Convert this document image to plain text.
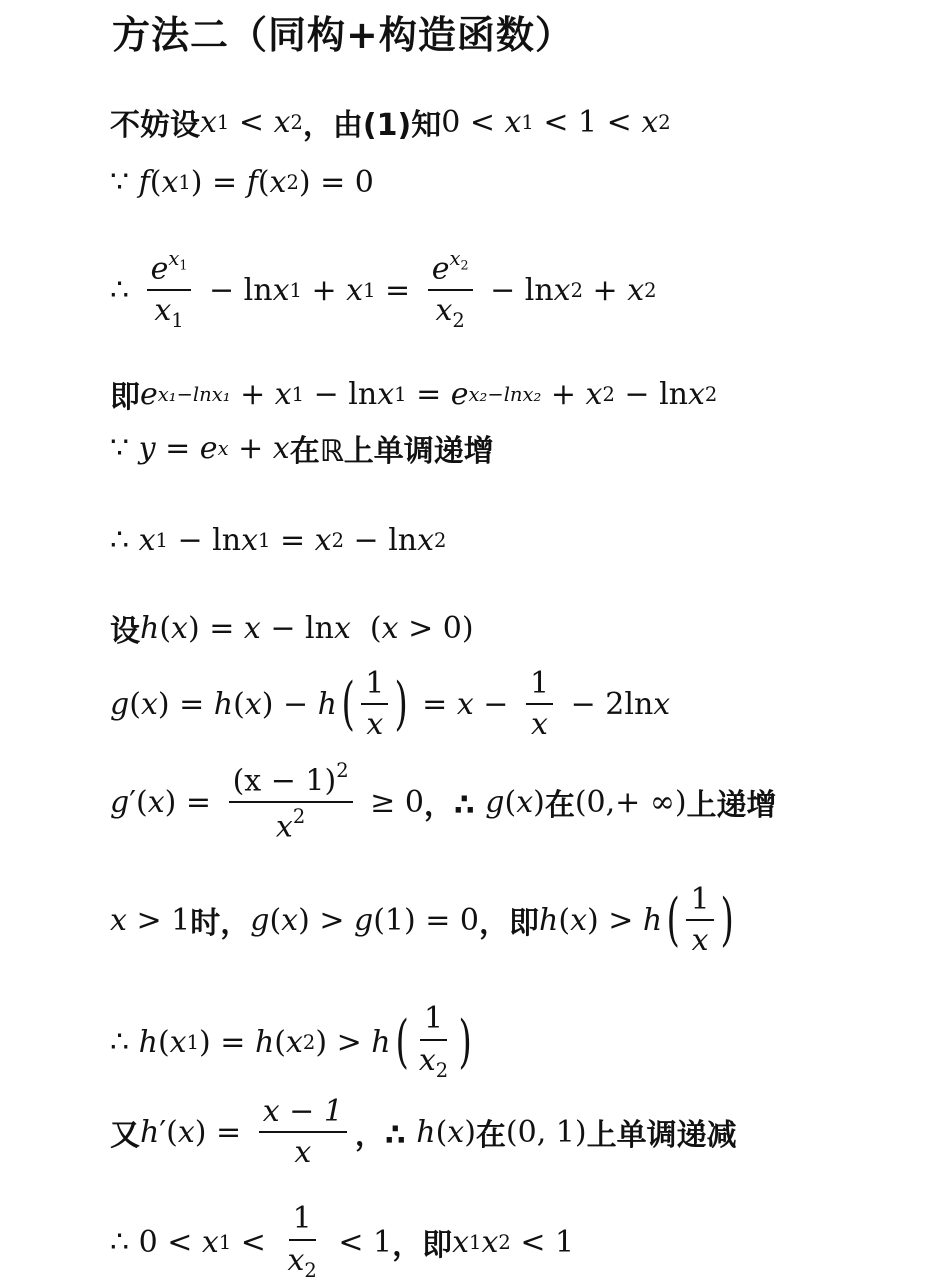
方法二（同构+构造函数）
不妨设 x 1 < x 2 ，由(1)知 0 < x 1 < 1 < x 2
∵ f ( x 1 ) = f ( x 2 ) = 0
∴ $\frac{e^{x_1}}{x_1} - \ln x$ 1 + x $1 = \frac{e^{x_2}}{x_2} - \ln x$ 2 + x 2
即 e x₁−lnx₁ + x 1 − ln x 1 = e x₂−lnx₂ + x 2 − ln x 2
∵ y = e x + x 在ℝ上单调递增
∴ x 1 − ln x 1 = x 2 − ln x 2
设 h ( x ) = x − ln x ( x > 0)
g ( x ) = h ( x ) − h ( $\frac{1}{x}$ ) = $x - \frac{1}{x} - 2\ln$ x
g ′( x ) = $\frac{(x - 1)^2}{x^2} \ge 0$ ，∴ g ( x ) 在 (0,+ ∞) 上递增
x > 1 时， g ( x ) > g (1) = 0 ，即 h ( x ) > h ( $\frac{1}{x}$ )
∴ h ( x 1 ) = h ( x 2 ) > h ( $\frac{1}{x_2}$ )
又 h ′( x ) = $\frac{x - 1}{x}$ ，∴ h ( x ) 在 (0, 1) 上单调递减
∴ 0 < x $1 < \frac{1}{x_2} < 1$ ，即 x 1 x 2 < 1
